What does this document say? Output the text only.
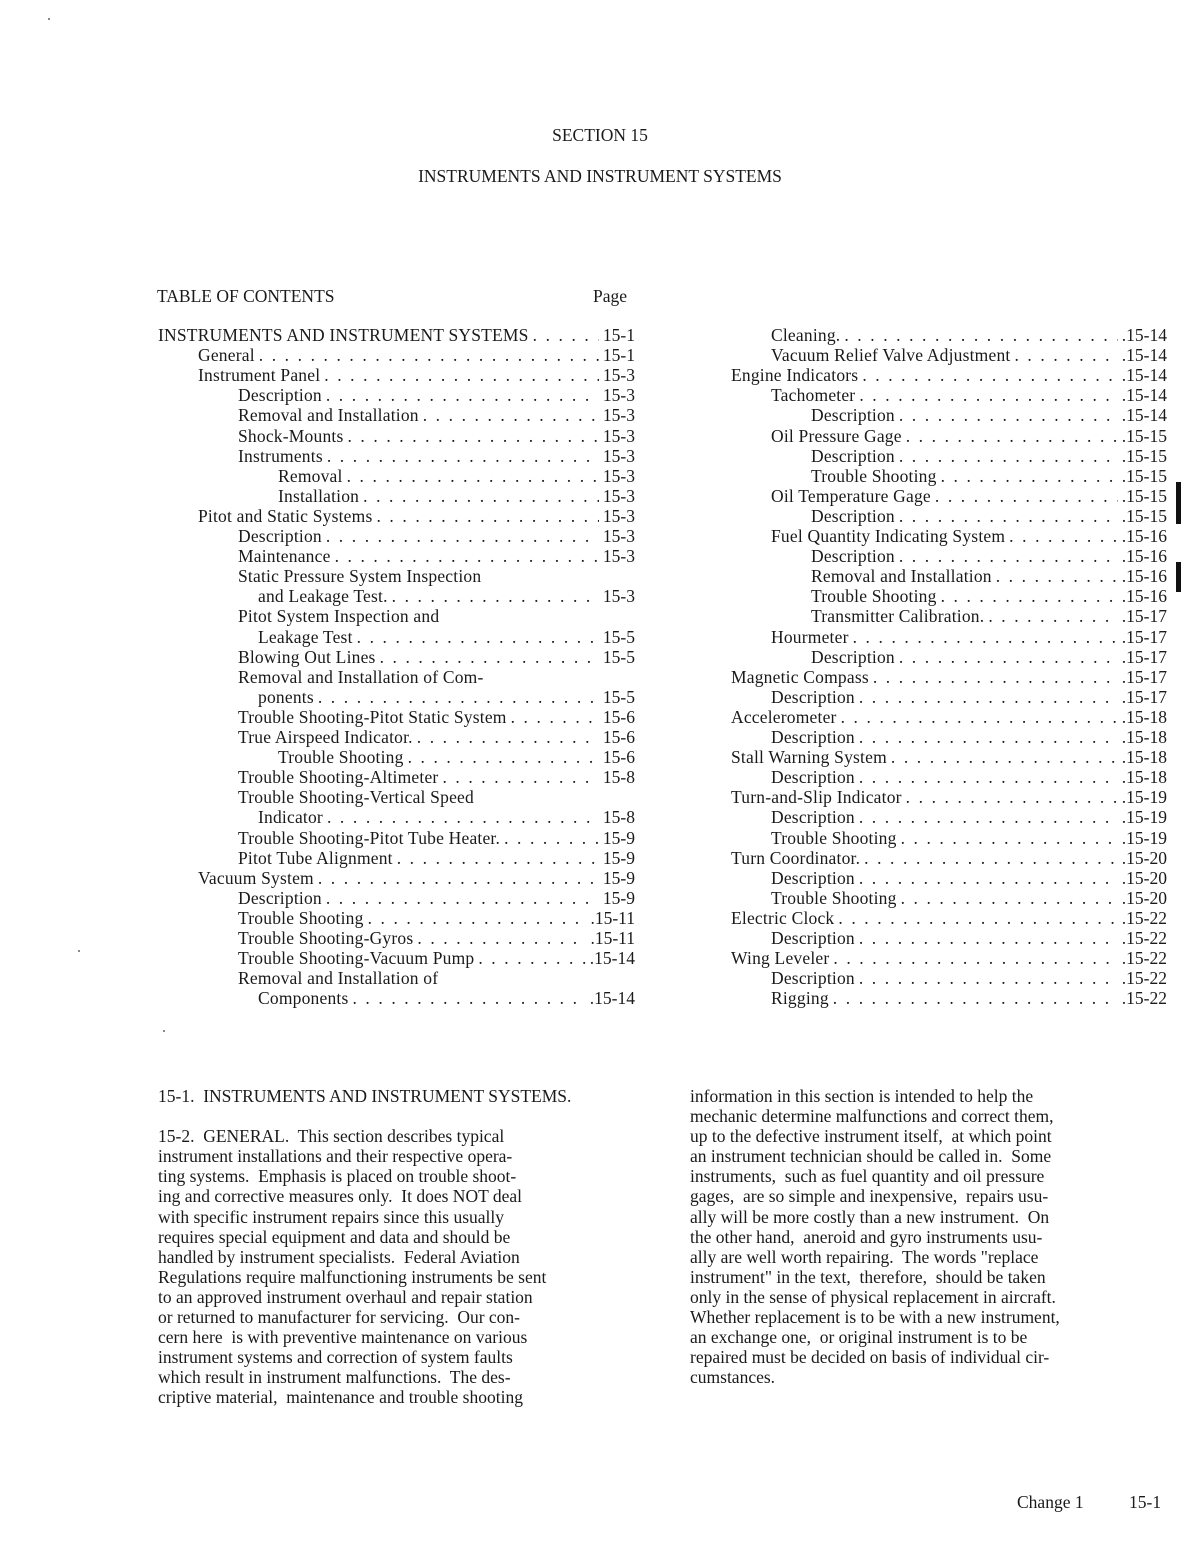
SECTION 15
INSTRUMENTS AND INSTRUMENT SYSTEMS
TABLE OF CONTENTS	Page
INSTRUMENTS AND INSTRUMENT SYSTEMS . . .	15-1
General . . .	15-1
Instrument Panel . . .	15-3
Description . . .	15-3
Removal and Installation . . .	15-3
Shock-Mounts . . .	15-3
Instruments . . .	15-3
Removal . . .	15-3
Installation . . .	15-3
Pitot and Static Systems . . .	15-3
Description . . .	15-3
Maintenance . . .	15-3
Static Pressure System Inspection
and Leakage Test. . . .	15-3
Pitot System Inspection and
Leakage Test . . .	15-5
Blowing Out Lines . . .	15-5
Removal and Installation of Com-
ponents . . .	15-5
Trouble Shooting-Pitot Static System . . .	15-6
True Airspeed Indicator. . . .	15-6
Trouble Shooting . . .	15-6
Trouble Shooting-Altimeter . . .	15-8
Trouble Shooting-Vertical Speed
Indicator . . .	15-8
Trouble Shooting-Pitot Tube Heater. . . .	15-9
Pitot Tube Alignment . . .	15-9
Vacuum System . . .	15-9
Description . . .	15-9
Trouble Shooting . . .	.15-11
Trouble Shooting-Gyros . . .	.15-11
Trouble Shooting-Vacuum Pump . . .	.15-14
Removal and Installation of
Components . . .	.15-14
Cleaning. . . .	.15-14
Vacuum Relief Valve Adjustment . . .	.15-14
Engine Indicators . . .	.15-14
Tachometer . . .	.15-14
Description . . .	.15-14
Oil Pressure Gage . . .	.15-15
Description . . .	.15-15
Trouble Shooting . . .	.15-15
Oil Temperature Gage . . .	.15-15
Description . . .	.15-15
Fuel Quantity Indicating System . . .	.15-16
Description . . .	.15-16
Removal and Installation . . .	.15-16
Trouble Shooting . . .	.15-16
Transmitter Calibration. . . .	.15-17
Hourmeter . . .	.15-17
Description . . .	.15-17
Magnetic Compass . . .	.15-17
Description . . .	.15-17
Accelerometer . . .	.15-18
Description . . .	.15-18
Stall Warning System . . .	.15-18
Description . . .	.15-18
Turn-and-Slip Indicator . . .	.15-19
Description . . .	.15-19
Trouble Shooting . . .	.15-19
Turn Coordinator. . . .	.15-20
Description . . .	.15-20
Trouble Shooting . . .	.15-20
Electric Clock . . .	.15-22
Description . . .	.15-22
Wing Leveler . . .	.15-22
Description . . .	.15-22
Rigging . . .	.15-22

15-1.  INSTRUMENTS AND INSTRUMENT SYSTEMS.

15-2.  GENERAL.  This section describes typical

instrument installations and their respective opera-

ting systems.  Emphasis is placed on trouble shoot-

ing and corrective measures only.  It does NOT deal

with specific instrument repairs since this usually

requires special equipment and data and should be

handled by instrument specialists.  Federal Aviation

Regulations require malfunctioning instruments be sent

to an approved instrument overhaul and repair station

or returned to manufacturer for servicing.  Our con-

cern here  is with preventive maintenance on various

instrument systems and correction of system faults

which result in instrument malfunctions.  The des-

criptive material,  maintenance and trouble shooting

information in this section is intended to help the

mechanic determine malfunctions and correct them,

up to the defective instrument itself,  at which point

an instrument technician should be called in.  Some

instruments,  such as fuel quantity and oil pressure

gages,  are so simple and inexpensive,  repairs usu-

ally will be more costly than a new instrument.  On

the other hand,  aneroid and gyro instruments usu-

ally are well worth repairing.  The words "replace

instrument" in the text,  therefore,  should be taken

only in the sense of physical replacement in aircraft.

Whether replacement is to be with a new instrument,

an exchange one,  or original instrument is to be

repaired must be decided on basis of individual cir-

cumstances.

Change 1	15-1
